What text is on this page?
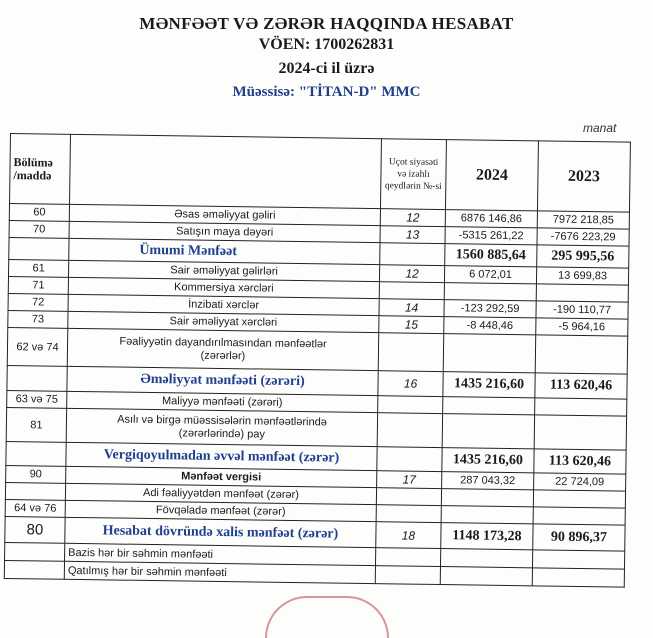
MƏNFƏƏT VƏ ZƏRƏR HAQQINDA HESABAT
VÖEN: 1700262831
2024-ci il üzrə
Müəssisə: "TİTAN-D" MMC
manat
Bölümə /maddə		Uçot siyasəti və izahlı qeydlərin №-si	2024	2023
60	Əsas əməliyyat gəliri	12	6876 146,86	7972 218,85
70	Satışın maya dəyəri	13	-5315 261,22	-7676 223,29
	Ümumi Mənfəət		1560 885,64	295 995,56
61	Sair əməliyyat gəlirləri	12	6 072,01	13 699,83
71	Kommersiya xərcləri			
72	İnzibati xərclər	14	-123 292,59	-190 110,77
73	Sair əməliyyat xərcləri	15	-8 448,46	-5 964,16
62 və 74	Fəaliyyətin dayandırılmasından mənfəətlər (zərərlər)			
	Əməliyyat mənfəəti (zərəri)	16	1435 216,60	113 620,46
63 və 75	Maliyyə mənfəəti (zərəri)			
81	Asılı və birgə müəssisələrin mənfəətlərində (zərərlərində) pay			
	Vergiqoyulmadan əvvəl mənfəət (zərər)		1435 216,60	113 620,46
90	Mənfəət vergisi	17	287 043,32	22 724,09
	Adi fəaliyyətdən mənfəət (zərər)			
64 və 76	Fövqəladə mənfəət (zərər)			
80	Hesabat dövründə xalis mənfəət (zərər)	18	1148 173,28	90 896,37
	Bazis hər bir səhmin mənfəəti			
	Qatılmış hər bir səhmin mənfəəti			
